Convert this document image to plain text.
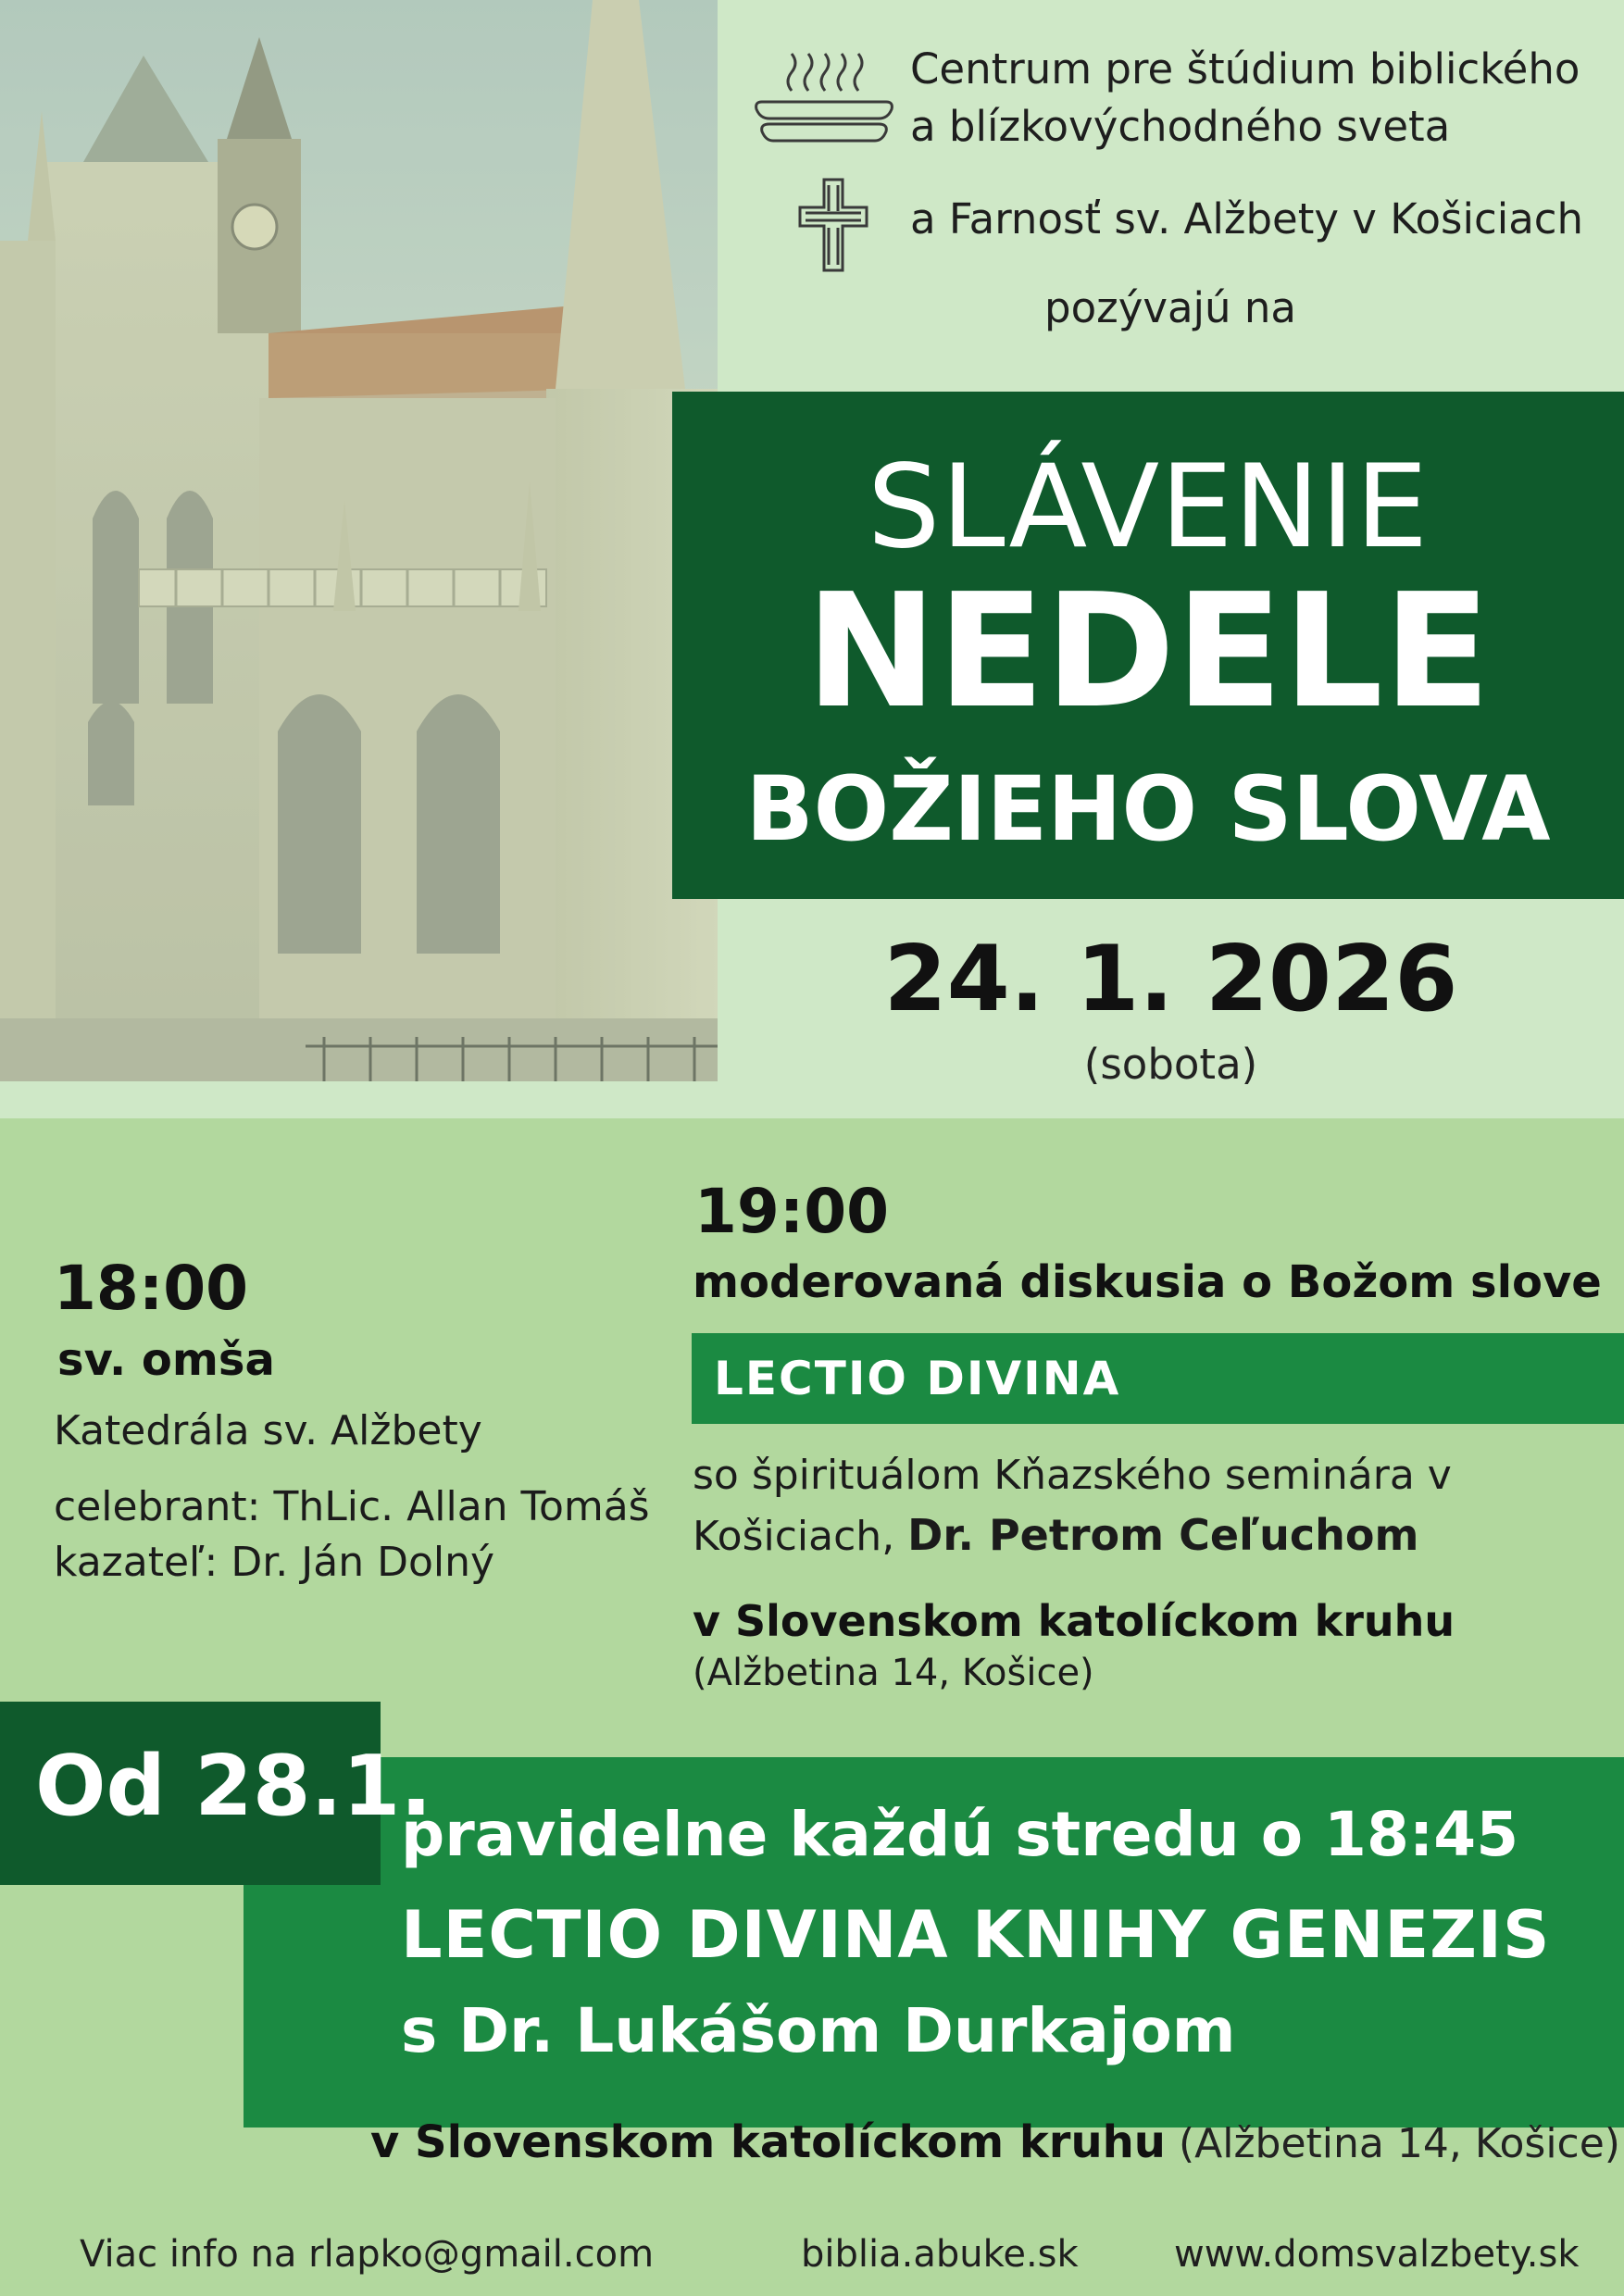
Centrum pre štúdium biblického
a blízkovýchodného sveta
a Farnosť sv. Alžbety v Košiciach
pozývajú na
SLÁVENIE
NEDELE
BOŽIEHO SLOVA
24. 1. 2026
(sobota)
18:00
sv. omša
Katedrála sv. Alžbety
celebrant: ThLic. Allan Tomáš
kazateľ: Dr. Ján Dolný
19:00
moderovaná diskusia o Božom slove
LECTIO DIVINA
so špirituálom Kňazského seminára v
Košiciach, Dr. Petrom Ceľuchom
v Slovenskom katolíckom kruhu
(Alžbetina 14, Košice)
Od 28.1.
pravidelne každú stredu o 18:45
LECTIO DIVINA KNIHY GENEZIS
s Dr. Lukášom Durkajom
v Slovenskom katolíckom kruhu (Alžbetina 14, Košice)
Viac info na rlapko@gmail.com	biblia.abuke.sk	www.domsvalzbety.sk
